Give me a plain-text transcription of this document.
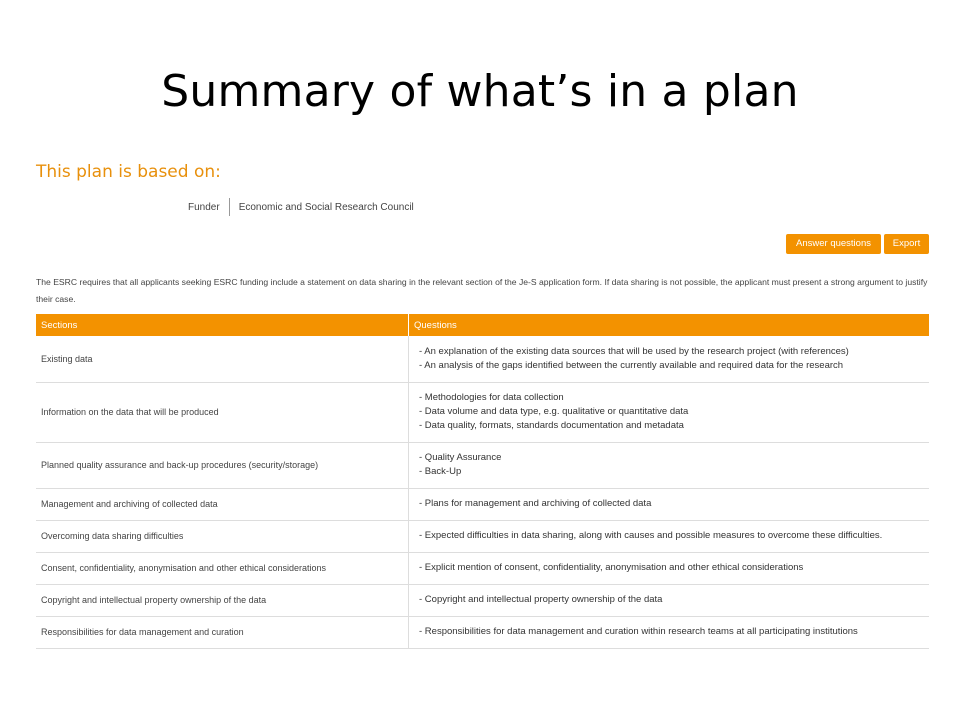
Summary of what’s in a plan
This plan is based on:
Funder	Economic and Social Research Council
Answer questions	Export
The ESRC requires that all applicants seeking ESRC funding include a statement on data sharing in the relevant section of the Je-S application form. If data sharing is not possible, the applicant must present a strong argument to justify their case.
Sections	Questions
Existing data	- An explanation of the existing data sources that will be used by the research project (with references)
- An analysis of the gaps identified between the currently available and required data for the research

Information on the data that will be produced	- Methodologies for data collection
- Data volume and data type, e.g. qualitative or quantitative data
- Data quality, formats, standards documentation and metadata

Planned quality assurance and back-up procedures (security/storage)	- Quality Assurance
- Back-Up

Management and archiving of collected data	- Plans for management and archiving of collected data

Overcoming data sharing difficulties	- Expected difficulties in data sharing, along with causes and possible measures to overcome these difficulties.

Consent, confidentiality, anonymisation and other ethical considerations	- Explicit mention of consent, confidentiality, anonymisation and other ethical considerations

Copyright and intellectual property ownership of the data	- Copyright and intellectual property ownership of the data

Responsibilities for data management and curation	- Responsibilities for data management and curation within research teams at all participating institutions
